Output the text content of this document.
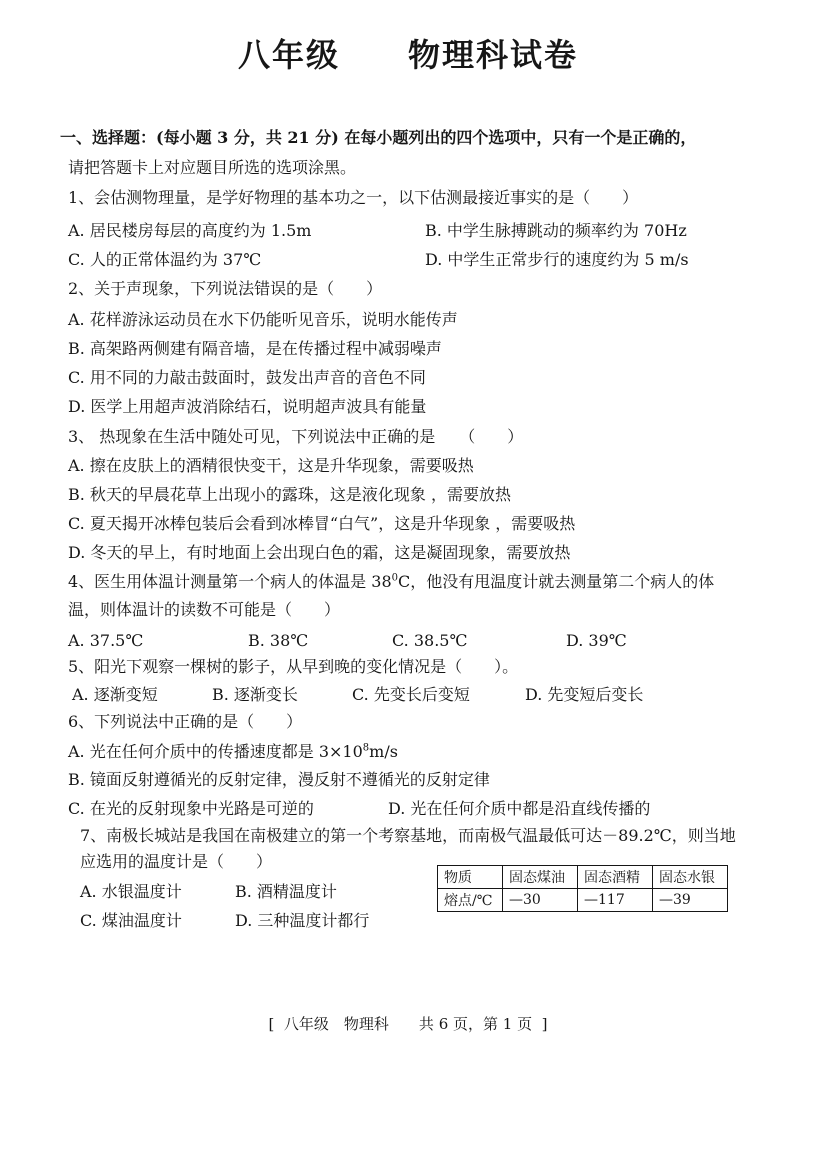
八年级　　物理科试卷
一、选择题：(每小题 3 分，共 21 分) 在每小题列出的四个选项中，只有一个是正确的，
请把答题卡上对应题目所选的选项涂黑。
1、会估测物理量，是学好物理的基本功之一，以下估测最接近事实的是（　　）
A. 居民楼房每层的高度约为 1.5m	B. 中学生脉搏跳动的频率约为 70Hz
C. 人的正常体温约为 37℃	D. 中学生正常步行的速度约为 5 m/s
2、关于声现象，下列说法错误的是（　　）
A. 花样游泳运动员在水下仍能听见音乐，说明水能传声
B. 高架路两侧建有隔音墙，是在传播过程中减弱噪声
C. 用不同的力敲击鼓面时，鼓发出声音的音色不同
D. 医学上用超声波消除结石，说明超声波具有能量
3、 热现象在生活中随处可见，下列说法中正确的是　　（　　）
A. 擦在皮肤上的酒精很快变干，这是升华现象，需要吸热
B. 秋天的早晨花草上出现小的露珠，这是液化现象 ，需要放热
C. 夏天揭开冰棒包装后会看到冰棒冒“白气”，这是升华现象 ，需要吸热
D. 冬天的早上，有时地面上会出现白色的霜，这是凝固现象，需要放热
4、医生用体温计测量第一个病人的体温是 $38^0C$，他没有甩温度计就去测量第二个病人的体
温，则体温计的读数不可能是（　　）
A. 37.5℃	B. 38℃	C. 38.5℃	D. 39℃
5、阳光下观察一棵树的影子，从早到晚的变化情况是（　　）。
A. 逐渐变短	B. 逐渐变长	C. 先变长后变短	D. 先变短后变长
6、下列说法中正确的是（　　）
A. 光在任何介质中的传播速度都是 $3\times 10^8m/s$
B. 镜面反射遵循光的反射定律，漫反射不遵循光的反射定律
C. 在光的反射现象中光路是可逆的	D. 光在任何介质中都是沿直线传播的
7、南极长城站是我国在南极建立的第一个考察基地，而南极气温最低可达－89.2℃，则当地
应选用的温度计是（　　）
A. 水银温度计	B. 酒精温度计
C. 煤油温度计	D. 三种温度计都行
物质	固态煤油	固态酒精	固态水银
熔点/℃	—30	—117	—39
[  八年级　物理科　　共 6 页，第 1 页  ]
